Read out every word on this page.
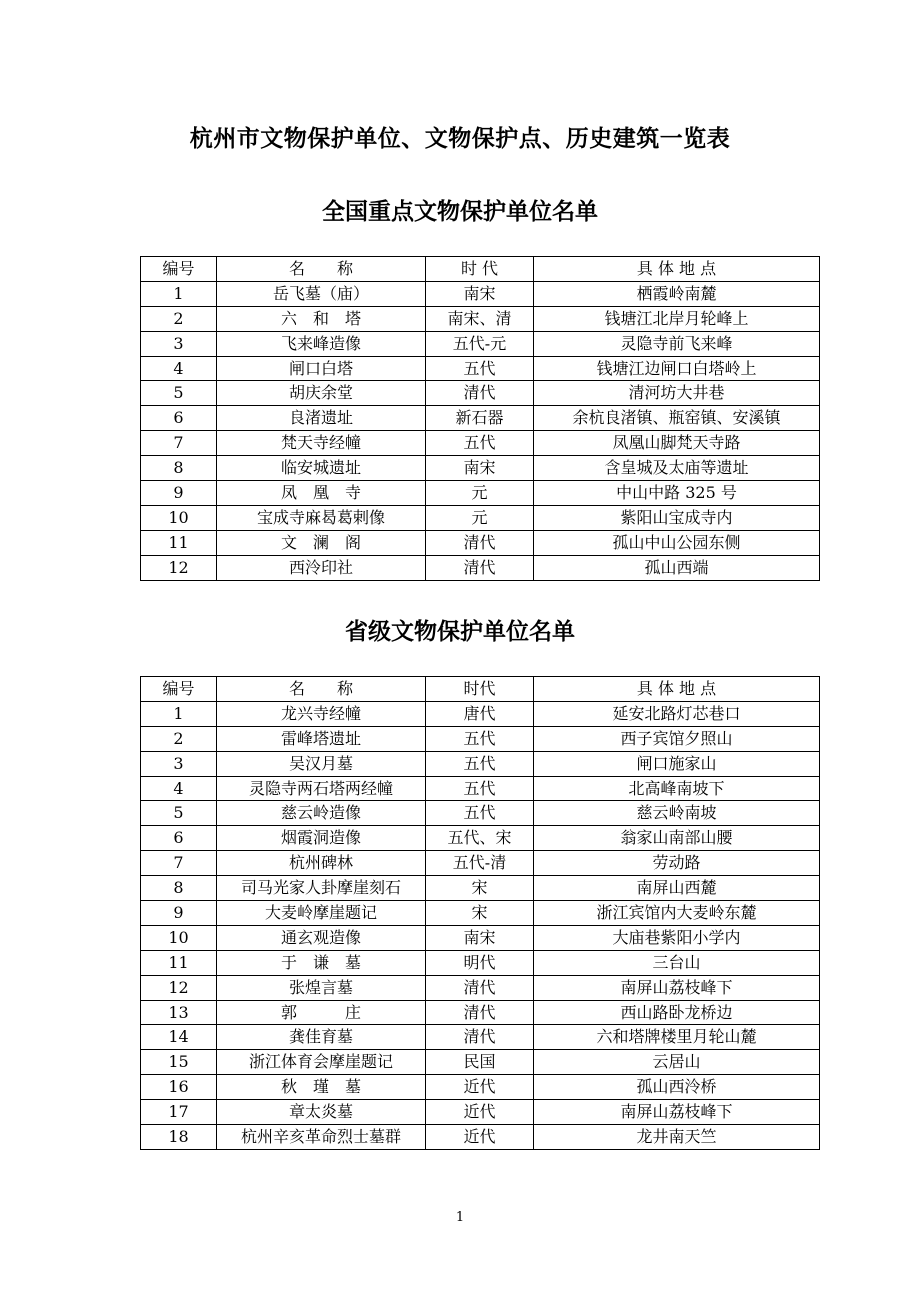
杭州市文物保护单位、文物保护点、历史建筑一览表
全国重点文物保护单位名单
编号	名　　称	时 代	具 体 地 点
1	岳飞墓（庙）	南宋	栖霞岭南麓
2	六　和　塔	南宋、清	钱塘江北岸月轮峰上
3	飞来峰造像	五代-元	灵隐寺前飞来峰
4	闸口白塔	五代	钱塘江边闸口白塔岭上
5	胡庆余堂	清代	清河坊大井巷
6	良渚遗址	新石器	余杭良渚镇、瓶窑镇、安溪镇
7	梵天寺经幢	五代	凤凰山脚梵天寺路
8	临安城遗址	南宋	含皇城及太庙等遗址
9	凤　凰　寺	元	中山中路 325 号
10	宝成寺麻曷葛剌像	元	紫阳山宝成寺内
11	文　澜　阁	清代	孤山中山公园东侧
12	西泠印社	清代	孤山西端
省级文物保护单位名单
编号	名　　称	时代	具 体 地 点
1	龙兴寺经幢	唐代	延安北路灯芯巷口
2	雷峰塔遗址	五代	西子宾馆夕照山
3	吴汉月墓	五代	闸口施家山
4	灵隐寺两石塔两经幢	五代	北高峰南坡下
5	慈云岭造像	五代	慈云岭南坡
6	烟霞洞造像	五代、宋	翁家山南部山腰
7	杭州碑林	五代-清	劳动路
8	司马光家人卦摩崖刻石	宋	南屏山西麓
9	大麦岭摩崖题记	宋	浙江宾馆内大麦岭东麓
10	通玄观造像	南宋	大庙巷紫阳小学内
11	于　谦　墓	明代	三台山
12	张煌言墓	清代	南屏山荔枝峰下
13	郭　　　庄	清代	西山路卧龙桥边
14	龚佳育墓	清代	六和塔牌楼里月轮山麓
15	浙江体育会摩崖题记	民国	云居山
16	秋　瑾　墓	近代	孤山西泠桥
17	章太炎墓	近代	南屏山荔枝峰下
18	杭州辛亥革命烈士墓群	近代	龙井南天竺
1
